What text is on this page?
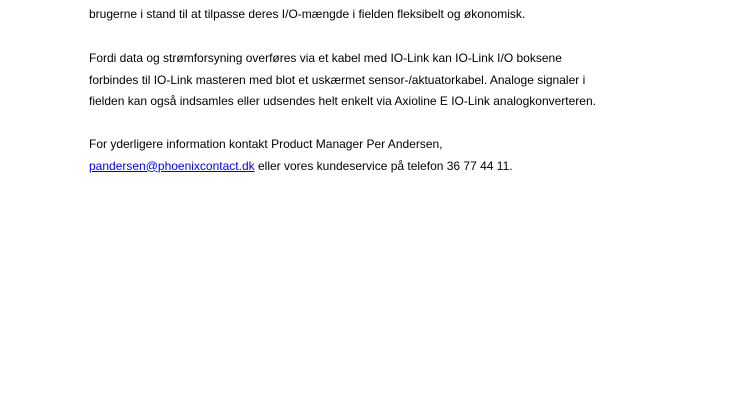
brugerne i stand til at tilpasse deres I/O-mængde i fielden fleksibelt og økonomisk.

Fordi data og strømforsyning overføres via et kabel med IO-Link kan IO-Link I/O boksene
forbindes til IO-Link masteren med blot et uskærmet sensor-/aktuatorkabel. Analoge signaler i
fielden kan også indsamles eller udsendes helt enkelt via Axioline E IO-Link analogkonverteren.

For yderligere information kontakt Product Manager Per Andersen,
pandersen@phoenixcontact.dk eller vores kundeservice på telefon 36 77 44 11.
